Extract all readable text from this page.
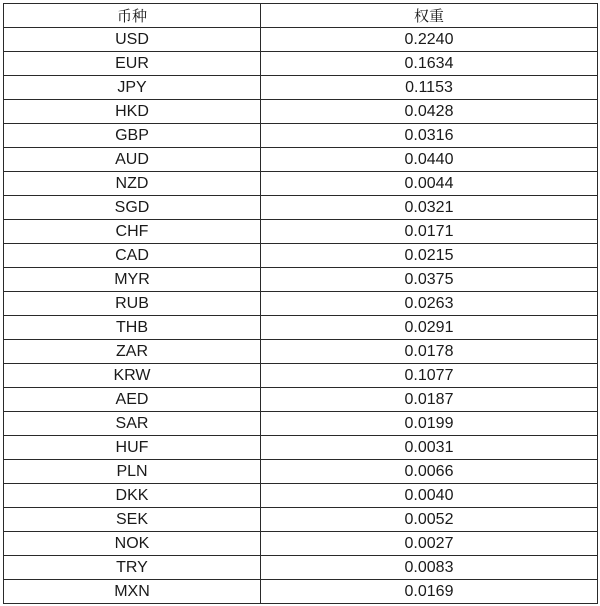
币种	权重
USD	0.2240
EUR	0.1634
JPY	0.1153
HKD	0.0428
GBP	0.0316
AUD	0.0440
NZD	0.0044
SGD	0.0321
CHF	0.0171
CAD	0.0215
MYR	0.0375
RUB	0.0263
THB	0.0291
ZAR	0.0178
KRW	0.1077
AED	0.0187
SAR	0.0199
HUF	0.0031
PLN	0.0066
DKK	0.0040
SEK	0.0052
NOK	0.0027
TRY	0.0083
MXN	0.0169
